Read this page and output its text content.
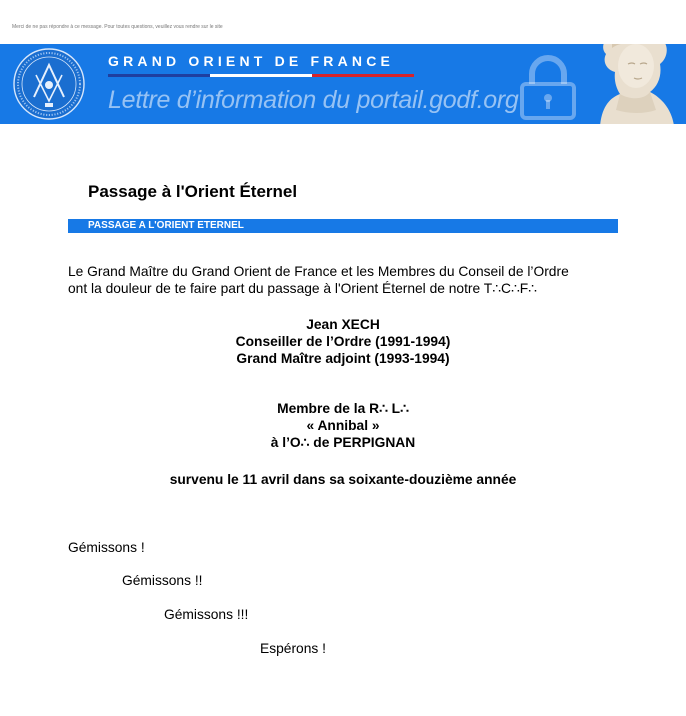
Merci de ne pas répondre à ce message. Pour toutes questions, veuillez vous rendre sur le site
GRAND ORIENT DE FRANCE
Lettre d’information du portail.godf.org
Passage à l'Orient Éternel
PASSAGE A L'ORIENT ETERNEL
Le Grand Maître du Grand Orient de France et les Membres du Conseil de l’Ordre
ont la douleur de te faire part du passage à l'Orient Éternel de notre T∴C∴F∴
Jean XECH
Conseiller de l’Ordre (1991-1994)
Grand Maître adjoint (1993-1994)
Membre de la R∴ L∴
« Annibal »
à l’O∴ de PERPIGNAN
survenu le 11 avril dans sa soixante-douzième année
Gémissons !
Gémissons !!
Gémissons !!!
Espérons !
